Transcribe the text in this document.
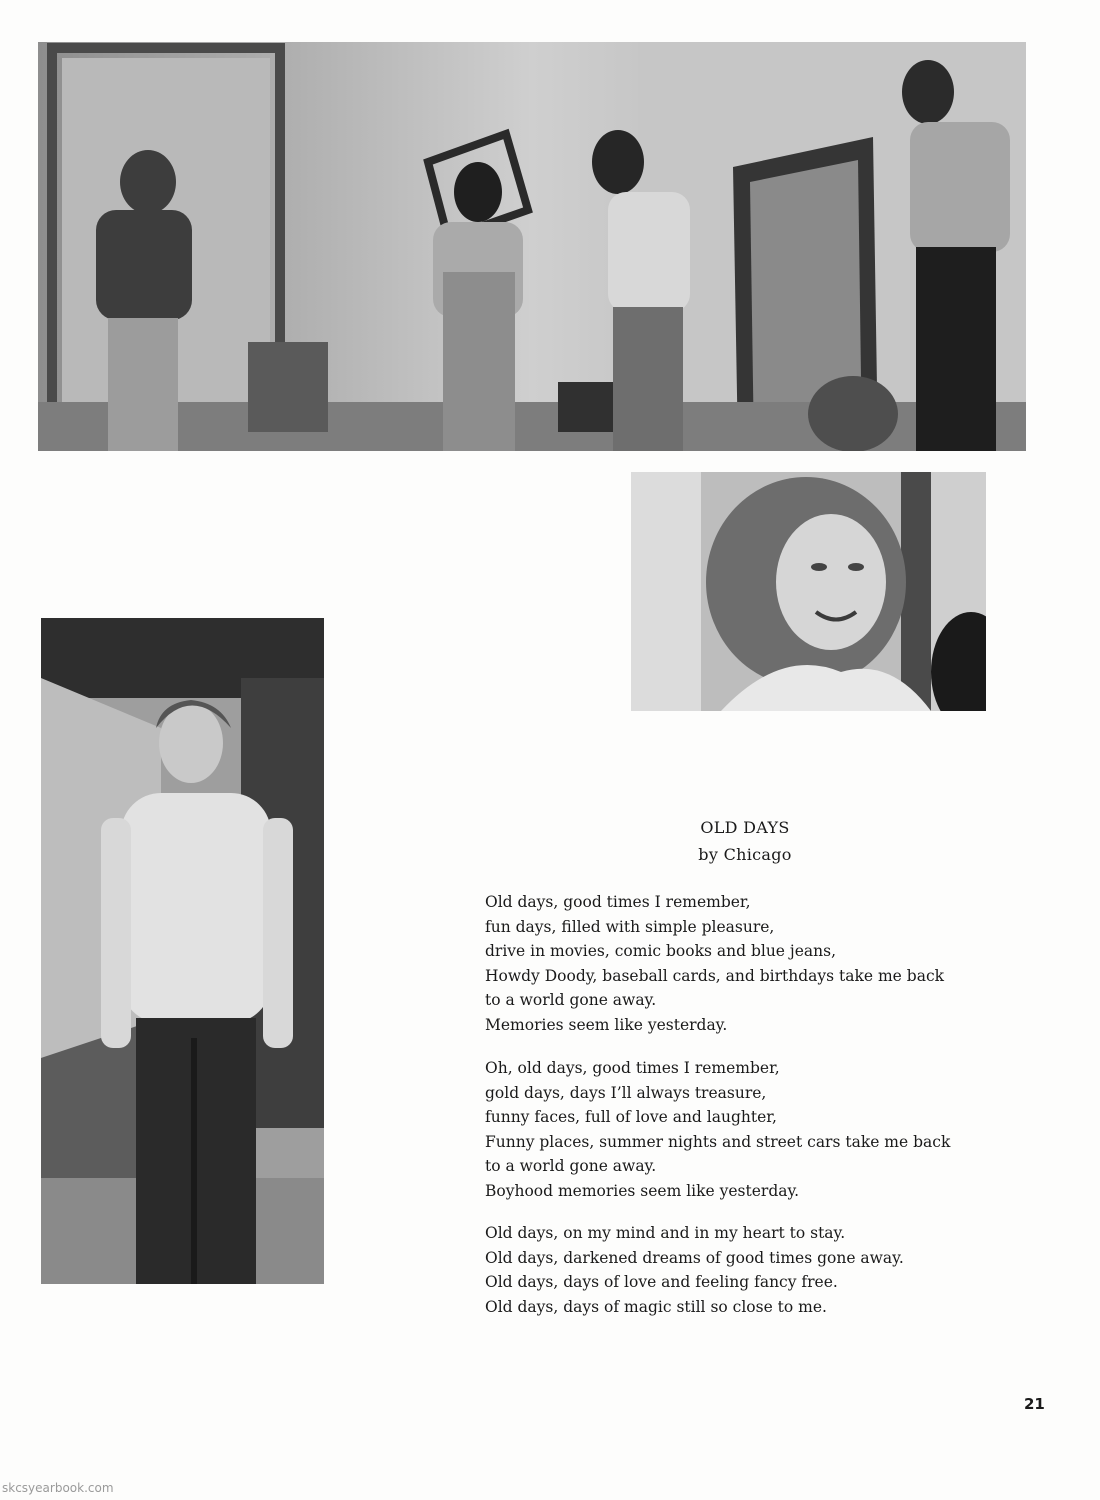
OLD DAYS
by Chicago
Old days, good times I remember,
fun days, filled with simple pleasure,
drive in movies, comic books and blue jeans,
Howdy Doody, baseball cards, and birthdays take me back
to a world gone away.
Memories seem like yesterday.
Oh, old days, good times I remember,
gold days, days I’ll always treasure,
funny faces, full of love and laughter,
Funny places, summer nights and street cars take me back
to a world gone away.
Boyhood memories seem like yesterday.
Old days, on my mind and in my heart to stay.
Old days, darkened dreams of good times gone away.
Old days, days of love and feeling fancy free.
Old days, days of magic still so close to me.
21
skcsyearbook.com
